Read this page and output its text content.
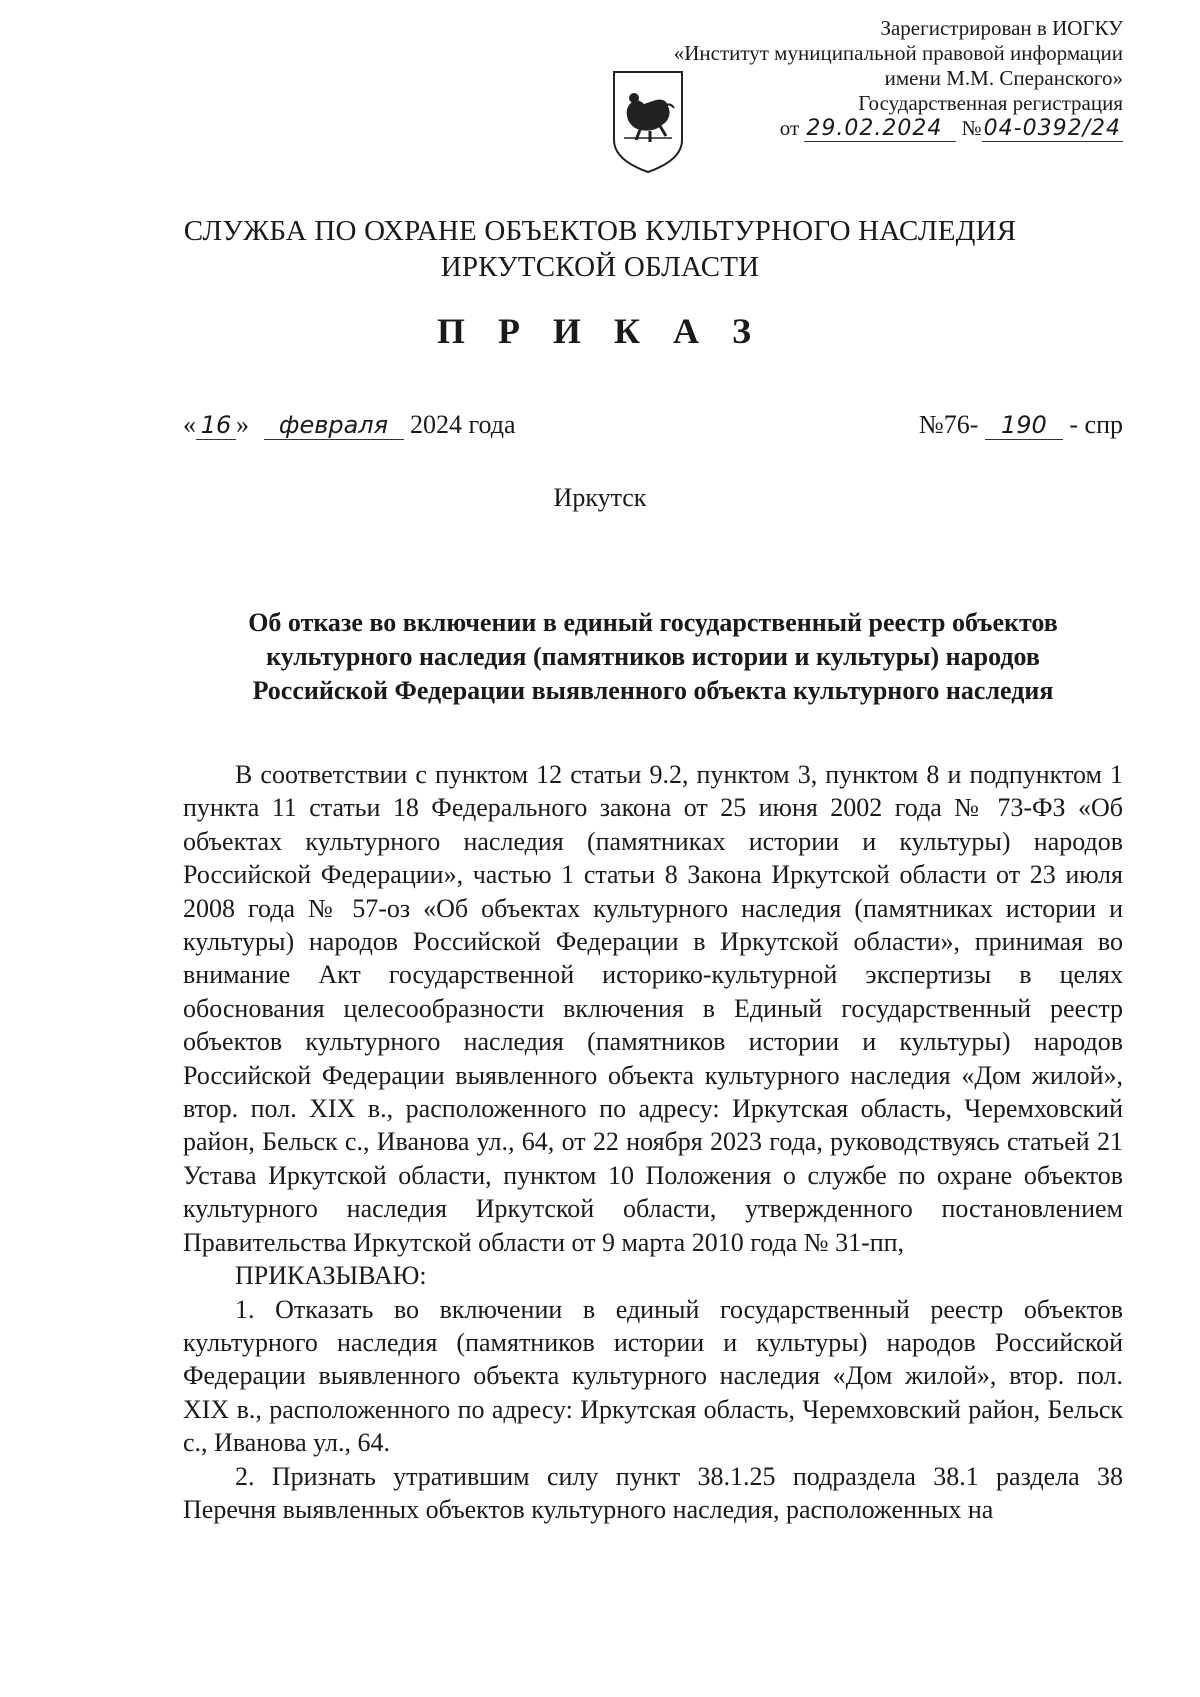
Зарегистрирован в ИОГКУ
«Институт муниципальной правовой информации
имени М.М. Сперанского»
Государственная регистрация
от 29.02.2024 №04-0392/24
СЛУЖБА ПО ОХРАНЕ ОБЪЕКТОВ КУЛЬТУРНОГО НАСЛЕДИЯ
ИРКУТСКОЙ ОБЛАСТИ
П Р И К А З
« 16 » февраля 2024 года	№76- 190 - спр
Иркутск
Об отказе во включении в единый государственный реестр объектов
культурного наследия (памятников истории и культуры) народов
Российской Федерации выявленного объекта культурного наследия

В соответствии с пунктом 12 статьи 9.2, пунктом 3, пунктом 8 и подпунктом 1 пункта 11 статьи 18 Федерального закона от 25 июня 2002 года № 73-ФЗ «Об объектах культурного наследия (памятниках истории и культуры) народов Российской Федерации», частью 1 статьи 8 Закона Иркутской области от 23 июля 2008 года № 57-оз «Об объектах культурного наследия (памятниках истории и культуры) народов Российской Федерации в Иркутской области», принимая во внимание Акт государственной историко-культурной экспертизы в целях обоснования целесообразности включения в Единый государственный реестр объектов культурного наследия (памятников истории и культуры) народов Российской Федерации выявленного объекта культурного наследия «Дом жилой», втор. пол. XIX в., расположенного по адресу: Иркутская область, Черемховский район, Бельск с., Иванова ул., 64, от 22 ноября 2023 года, руководствуясь статьей 21 Устава Иркутской области, пунктом 10 Положения о службе по охране объектов культурного наследия Иркутской области, утвержденного постановлением Правительства Иркутской области от 9 марта 2010 года № 31-пп,

ПРИКАЗЫВАЮ:

1. Отказать во включении в единый государственный реестр объектов культурного наследия (памятников истории и культуры) народов Российской Федерации выявленного объекта культурного наследия «Дом жилой», втор. пол. XIX в., расположенного по адресу: Иркутская область, Черемховский район, Бельск с., Иванова ул., 64.

2. Признать утратившим силу пункт 38.1.25 подраздела 38.1 раздела 38 Перечня выявленных объектов культурного наследия, расположенных на
